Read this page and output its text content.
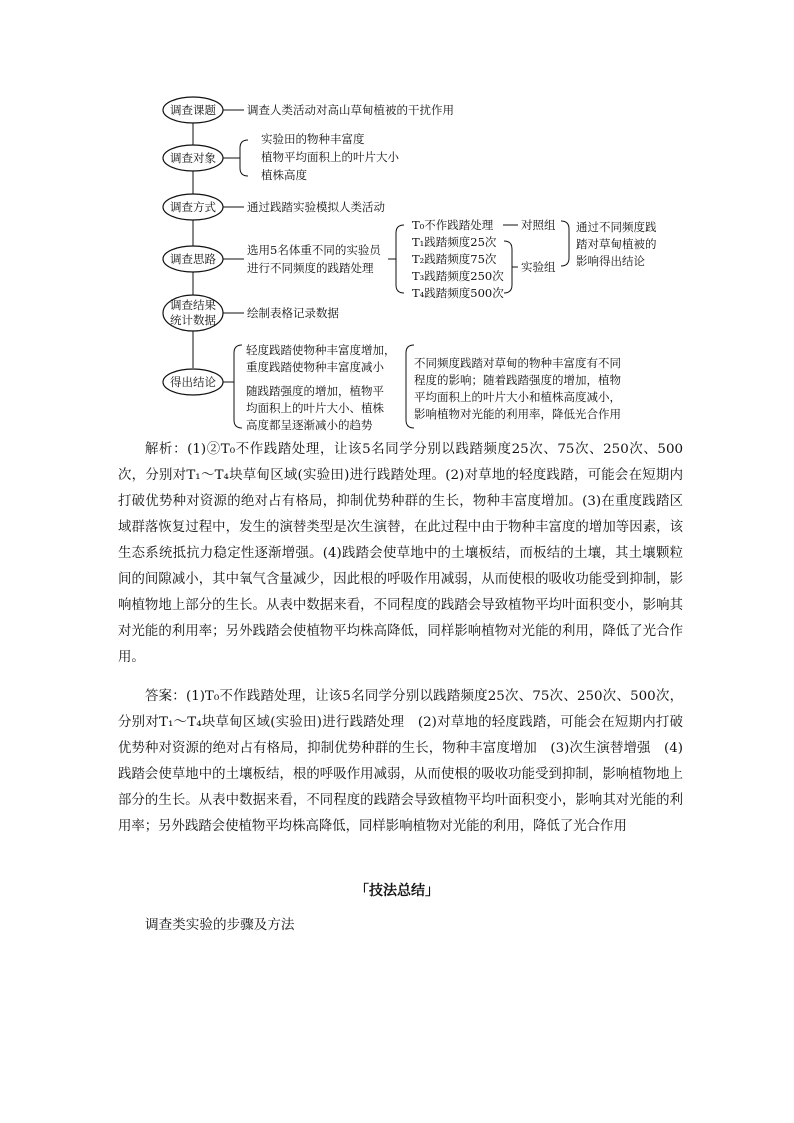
调查课题	调查人类活动对高山草甸植被的干扰作用
调查对象
实验田的物种丰富度
植物平均面积上的叶片大小
植株高度
调查方式	通过践踏实验模拟人类活动
调查思路
选用5名体重不同的实验员
进行不同频度的践踏处理
T₀不作践踏处理
T₁践踏频度25次
T₂践踏频度75次
T₃践踏频度250次
T₄践踏频度500次
对照组
实验组
通过不同频度践
踏对草甸植被的
影响得出结论
调查结果
统计数据	绘制表格记录数据
得出结论
轻度践踏使物种丰富度增加，
重度践踏使物种丰富度减小
随践踏强度的增加，植物平
均面积上的叶片大小、植株
高度都呈逐渐减小的趋势
不同频度践踏对草甸的物种丰富度有不同
程度的影响；随着践踏强度的增加，植物
平均面积上的叶片大小和植株高度减小，
影响植物对光能的利用率，降低光合作用

解析：(1)②T₀不作践踏处理，让该5名同学分别以践踏频度25次、75次、250次、500次，分别对T₁～T₄块草甸区域(实验田)进行践踏处理。(2)对草地的轻度践踏，可能会在短期内打破优势种对资源的绝对占有格局，抑制优势种群的生长，物种丰富度增加。(3)在重度践踏区域群落恢复过程中，发生的演替类型是次生演替，在此过程中由于物种丰富度的增加等因素，该生态系统抵抗力稳定性逐渐增强。(4)践踏会使草地中的土壤板结，而板结的土壤，其土壤颗粒间的间隙减小，其中氧气含量减少，因此根的呼吸作用减弱，从而使根的吸收功能受到抑制，影响植物地上部分的生长。从表中数据来看，不同程度的践踏会导致植物平均叶面积变小，影响其对光能的利用率；另外践踏会使植物平均株高降低，同样影响植物对光能的利用，降低了光合作用。

答案：(1)T₀不作践踏处理，让该5名同学分别以践踏频度25次、75次、250次、500次，分别对T₁～T₄块草甸区域(实验田)进行践踏处理　(2)对草地的轻度践踏，可能会在短期内打破优势种对资源的绝对占有格局，抑制优势种群的生长，物种丰富度增加　(3)次生演替增强　(4)践踏会使草地中的土壤板结，根的呼吸作用减弱，从而使根的吸收功能受到抑制，影响植物地上部分的生长。从表中数据来看，不同程度的践踏会导致植物平均叶面积变小，影响其对光能的利用率；另外践踏会使植物平均株高降低，同样影响植物对光能的利用，降低了光合作用

「技法总结」

调查类实验的步骤及方法
